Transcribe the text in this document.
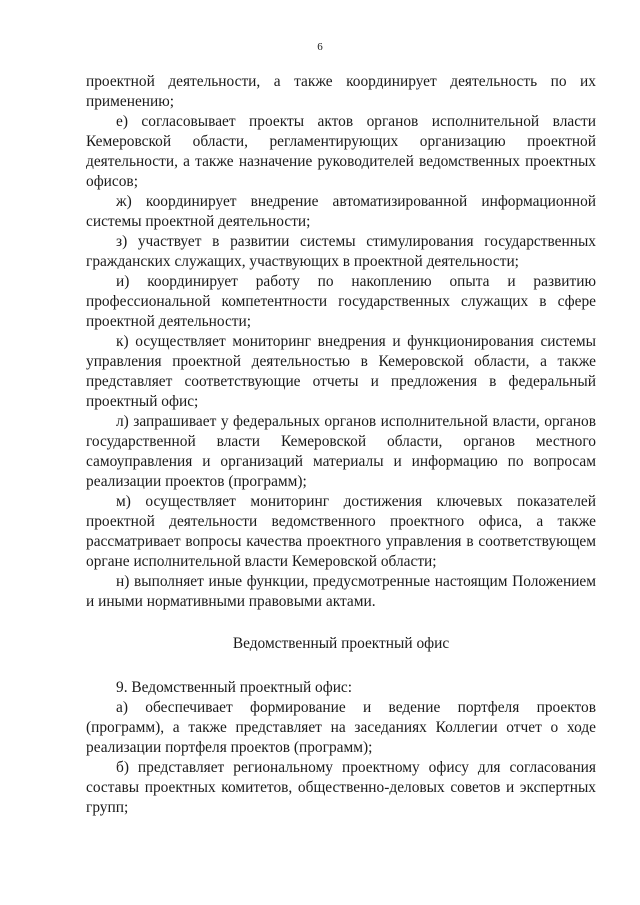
6

проектной деятельности, а также координирует деятельность по их применению;

е) согласовывает проекты актов органов исполнительной власти Кемеровской области, регламентирующих организацию проектной деятельности, а также назначение руководителей ведомственных проектных офисов;

ж) координирует внедрение автоматизированной информационной системы проектной деятельности;

з) участвует в развитии системы стимулирования государственных гражданских служащих, участвующих в проектной деятельности;

и) координирует работу по накоплению опыта и развитию профессиональной компетентности государственных служащих в сфере проектной деятельности;

к) осуществляет мониторинг внедрения и функционирования системы управления проектной деятельностью в Кемеровской области, а также представляет соответствующие отчеты и предложения в федеральный проектный офис;

л) запрашивает у федеральных органов исполнительной власти, органов государственной власти Кемеровской области, органов местного самоуправления и организаций материалы и информацию по вопросам реализации проектов (программ);

м) осуществляет мониторинг достижения ключевых показателей проектной деятельности ведомственного проектного офиса, а также рассматривает вопросы качества проектного управления в соответствующем органе исполнительной власти Кемеровской области;

н) выполняет иные функции, предусмотренные настоящим Положением и иными нормативными правовыми актами.

Ведомственный проектный офис

9. Ведомственный проектный офис:

а) обеспечивает формирование и ведение портфеля проектов (программ), а также представляет на заседаниях Коллегии отчет о ходе реализации портфеля проектов (программ);

б) представляет региональному проектному офису для согласования составы проектных комитетов, общественно-деловых советов и экспертных групп;
